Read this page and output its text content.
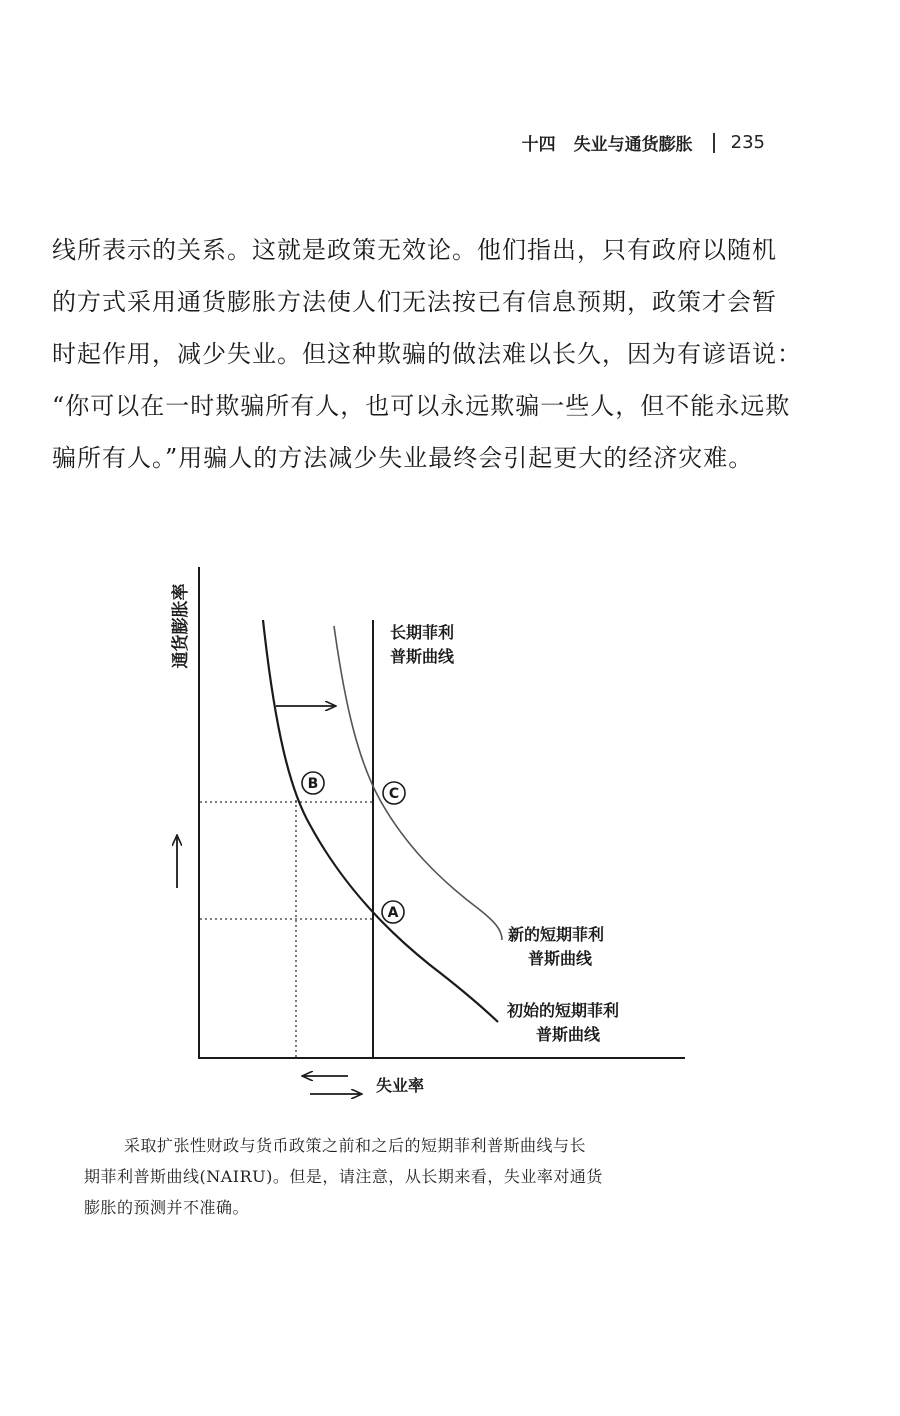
十四 失业与通货膨胀 235
线所表示的关系。这就是政策无效论。他们指出，只有政府以随机
的方式采用通货膨胀方法使人们无法按已有信息预期，政策才会暂
时起作用，减少失业。但这种欺骗的做法难以长久，因为有谚语说：
“你可以在一时欺骗所有人，也可以永远欺骗一些人，但不能永远欺
骗所有人。”用骗人的方法减少失业最终会引起更大的经济灾难。
通货膨胀率
B
C
A
长期菲利
普斯曲线
新的短期菲利
普斯曲线
初始的短期菲利
普斯曲线
失业率
采取扩张性财政与货币政策之前和之后的短期菲利普斯曲线与长
期菲利普斯曲线(NAIRU)。但是，请注意，从长期来看，失业率对通货
膨胀的预测并不准确。
